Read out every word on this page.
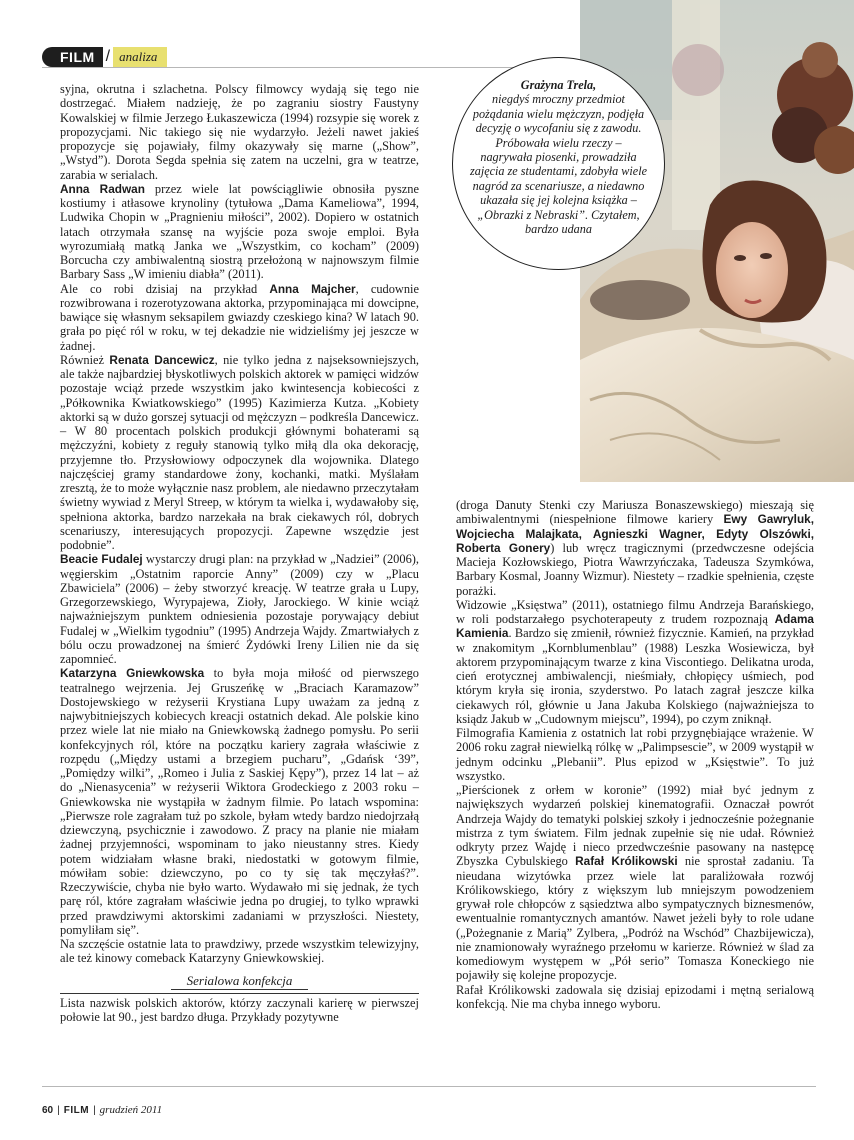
FILM / analiza
Grażyna Trela,
niegdyś mroczny przedmiot pożądania wielu mężczyzn, podjęła decyzję o wycofaniu się z zawodu. Próbowała wielu rzeczy – nagrywała piosenki, prowadziła zajęcia ze studentami, zdobyła wiele nagród za scenariusze, a niedawno ukazała się jej kolejna książka – „Obrazki z Nebraski”. Czytałem, bardzo udana

syjna, okrutna i szlachetna. Polscy filmowcy wydają się tego nie dostrzegać. Miałem nadzieję, że po zagraniu siostry Faustyny Kowalskiej w filmie Jerzego Łukaszewicza (1994) rozsypie się worek z propozycjami. Nic takiego się nie wydarzyło. Jeżeli nawet jakieś propozycje się pojawiały, filmy okazywały się marne („Show”, „Wstyd”). Dorota Segda spełnia się zatem na uczelni, gra w teatrze, zarabia w serialach.

Anna Radwan przez wiele lat powściągliwie obnosiła pyszne kostiumy i atłasowe krynoliny (tytułowa „Dama Kameliowa”, 1994, Ludwika Chopin w „Pragnieniu miłości”, 2002). Dopiero w ostatnich latach otrzymała szansę na wyjście poza swoje emploi. Była wyrozumiałą matką Janka we „Wszystkim, co kocham” (2009) Borcucha czy ambiwalentną siostrą przełożoną w najnowszym filmie Barbary Sass „W imieniu diabła” (2011).

Ale co robi dzisiaj na przykład Anna Majcher, cudownie rozwibrowana i rozerotyzowana aktorka, przypominająca mi dowcipne, bawiące się własnym seksapilem gwiazdy czeskiego kina? W latach 90. grała po pięć ról w roku, w tej dekadzie nie widzieliśmy jej jeszcze w żadnej.

Również Renata Dancewicz, nie tylko jedna z najseksowniejszych, ale także najbardziej błyskotliwych polskich aktorek w pamięci widzów pozostaje wciąż przede wszystkim jako kwintesencja kobiecości z „Półkownika Kwiatkowskiego” (1995) Kazimierza Kutza. „Kobiety aktorki są w dużo gorszej sytuacji od mężczyzn – podkreśla Dancewicz. – W 80 procentach polskich produkcji głównymi bohaterami są mężczyźni, kobiety z reguły stanowią tylko miłą dla oka dekorację, przyjemne tło. Przysłowiowy odpoczynek dla wojownika. Dlatego najczęściej gramy standardowe żony, kochanki, matki. Myślałam zresztą, że to może wyłącznie nasz problem, ale niedawno przeczytałam świetny wywiad z Meryl Streep, w którym ta wielka i, wydawałoby się, spełniona aktorka, bardzo narzekała na brak ciekawych ról, dobrych scenariuszy, interesujących propozycji. Zapewne wszędzie jest podobnie”.

Beacie Fudalej wystarczy drugi plan: na przykład w „Nadziei” (2006), węgierskim „Ostatnim raporcie Anny” (2009) czy w „Placu Zbawiciela” (2006) – żeby stworzyć kreację. W teatrze grała u Lupy, Grzegorzewskiego, Wyrypajewa, Zioły, Jarockiego. W kinie wciąż najważniejszym punktem odniesienia pozostaje porywający debiut Fudalej w „Wielkim tygodniu” (1995) Andrzeja Wajdy. Zmartwiałych z bólu oczu prowadzonej na śmierć Żydówki Ireny Lilien nie da się zapomnieć.

Katarzyna Gniewkowska to była moja miłość od pierwszego teatralnego wejrzenia. Jej Gruszeńkę w „Braciach Karamazow” Dostojewskiego w reżyserii Krystiana Lupy uważam za jedną z najwybitniejszych kobiecych kreacji ostatnich dekad. Ale polskie kino przez wiele lat nie miało na Gniewkowską żadnego pomysłu. Po serii konfekcyjnych ról, które na początku kariery zagrała właściwie z rozpędu („Między ustami a brzegiem pucharu”, „Gdańsk ‘39”, „Pomiędzy wilki”, „Romeo i Julia z Saskiej Kępy”), przez 14 lat – aż do „Nienasycenia” w reżyserii Wiktora Grodeckiego z 2003 roku – Gniewkowska nie wystąpiła w żadnym filmie. Po latach wspomina: „Pierwsze role zagrałam tuż po szkole, byłam wtedy bardzo niedojrzałą dziewczyną, psychicznie i zawodowo. Z pracy na planie nie miałam żadnej przyjemności, wspominam to jako nieustanny stres. Kiedy potem widziałam własne braki, niedostatki w gotowym filmie, mówiłam sobie: dziewczyno, po co ty się tak męczyłaś?”. Rzeczywiście, chyba nie było warto. Wydawało mi się jednak, że tych parę ról, które zagrałam właściwie jedna po drugiej, to tylko wprawki przed prawdziwymi aktorskimi zadaniami w przyszłości. Niestety, pomyliłam się”.

Na szczęście ostatnie lata to prawdziwy, przede wszystkim telewizyjny, ale też kinowy comeback Katarzyny Gniewkowskiej.

Serialowa konfekcja

Lista nazwisk polskich aktorów, którzy zaczynali karierę w pierwszej połowie lat 90., jest bardzo długa. Przykłady pozytywne

(droga Danuty Stenki czy Mariusza Bonaszewskiego) mieszają się ambiwalentnymi (niespełnione filmowe kariery Ewy Gawryluk, Wojciecha Malajkata, Agnieszki Wagner, Edyty Olszówki, Roberta Gonery) lub wręcz tragicznymi (przedwczesne odejścia Macieja Kozłowskiego, Piotra Wawrzyńczaka, Tadeusza Szymkówa, Barbary Kosmal, Joanny Wizmur). Niestety – rzadkie spełnienia, częste porażki.

Widzowie „Księstwa” (2011), ostatniego filmu Andrzeja Barańskiego, w roli podstarzałego psychoterapeuty z trudem rozpoznają Adama Kamienia. Bardzo się zmienił, również fizycznie. Kamień, na przykład w znakomitym „Kornblumenblau” (1988) Leszka Wosiewicza, był aktorem przypominającym twarze z kina Viscontiego. Delikatna uroda, cień erotycznej ambiwalencji, nieśmiały, chłopięcy uśmiech, pod którym kryła się ironia, szyderstwo. Po latach zagrał jeszcze kilka ciekawych ról, głównie u Jana Jakuba Kolskiego (najważniejsza to ksiądz Jakub w „Cudownym miejscu”, 1994), po czym zniknął.

Filmografia Kamienia z ostatnich lat robi przygnębiające wrażenie. W 2006 roku zagrał niewielką rólkę w „Palimpsescie”, w 2009 wystąpił w jednym odcinku „Plebanii”. Plus epizod w „Księstwie”. To już wszystko.

„Pierścionek z orłem w koronie” (1992) miał być jednym z największych wydarzeń polskiej kinematografii. Oznaczał powrót Andrzeja Wajdy do tematyki polskiej szkoły i jednocześnie pożegnanie mistrza z tym światem. Film jednak zupełnie się nie udał. Również odkryty przez Wajdę i nieco przedwcześnie pasowany na następcę Zbyszka Cybulskiego Rafał Królikowski nie sprostał zadaniu. Ta nieudana wizytówka przez wiele lat paraliżowała rozwój Królikowskiego, który z większym lub mniejszym powodzeniem grywał role chłopców z sąsiedztwa albo sympatycznych biznesmenów, ewentualnie romantycznych amantów. Nawet jeżeli były to role udane („Pożegnanie z Marią” Zylbera, „Podróż na Wschód” Chazbijewicza), nie znamionowały wyraźnego przełomu w karierze. Również w ślad za komediowym występem w „Pół serio” Tomasza Koneckiego nie pojawiły się kolejne propozycje.

Rafał Królikowski zadowala się dzisiaj epizodami i mętną serialową konfekcją. Nie ma chyba innego wyboru.

60 | FILM | grudzień 2011
